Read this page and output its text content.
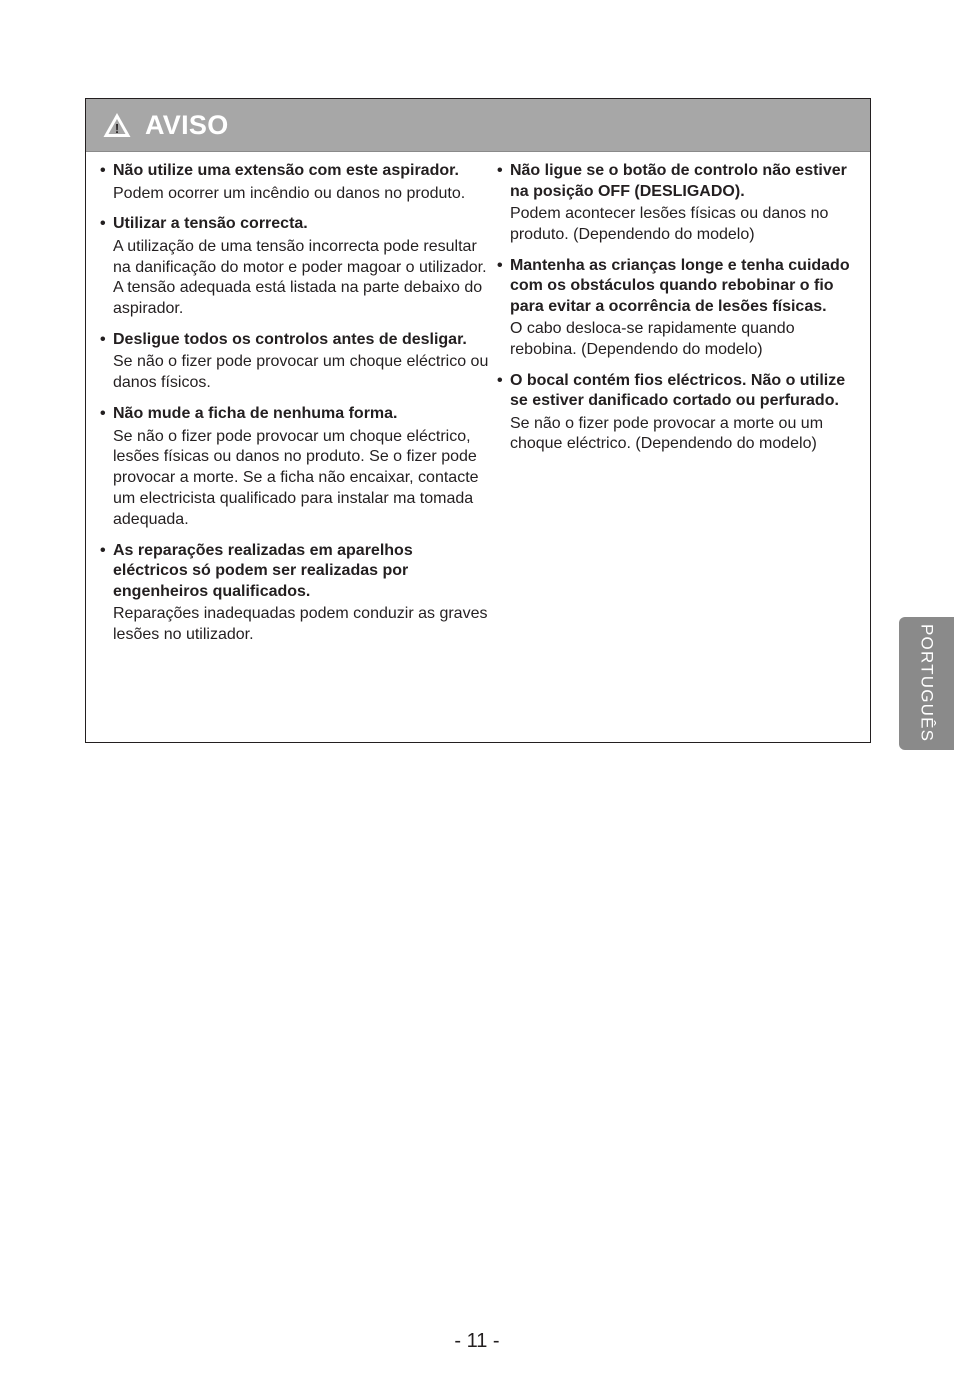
! AVISO
• Não utilize uma extensão com este aspirador.
Podem ocorrer um incêndio ou danos no produto.
• Utilizar a tensão correcta.
A utilização de uma tensão incorrecta pode resultar na danificação do motor e poder magoar o utilizador. A tensão adequada está listada na parte debaixo do aspirador.
• Desligue todos os controlos antes de desligar.
Se não o fizer pode provocar um choque eléctrico ou danos físicos.
• Não mude a ficha de nenhuma forma.
Se não o fizer pode provocar um choque eléctrico, lesões físicas ou danos no produto. Se o fizer pode provocar a morte. Se a ficha não encaixar, contacte um electricista qualificado para instalar ma tomada adequada.
• As reparações realizadas em aparelhos eléctricos só podem ser realizadas por engenheiros qualificados.
Reparações inadequadas podem conduzir as graves lesões no utilizador.
• Não ligue se o botão de controlo não estiver na posição OFF (DESLIGADO).
Podem acontecer lesões físicas ou danos no produto. (Dependendo do modelo)
• Mantenha as crianças longe e tenha cuidado com os obstáculos quando rebobinar o fio para evitar a ocorrência de lesões físicas.
O cabo desloca-se rapidamente quando rebobina. (Dependendo do modelo)
• O bocal contém fios eléctricos. Não o utilize se estiver danificado cortado ou perfurado.
Se não o fizer pode provocar a morte ou um choque eléctrico. (Dependendo do modelo)
PORTUGUÊS
- 11 -
